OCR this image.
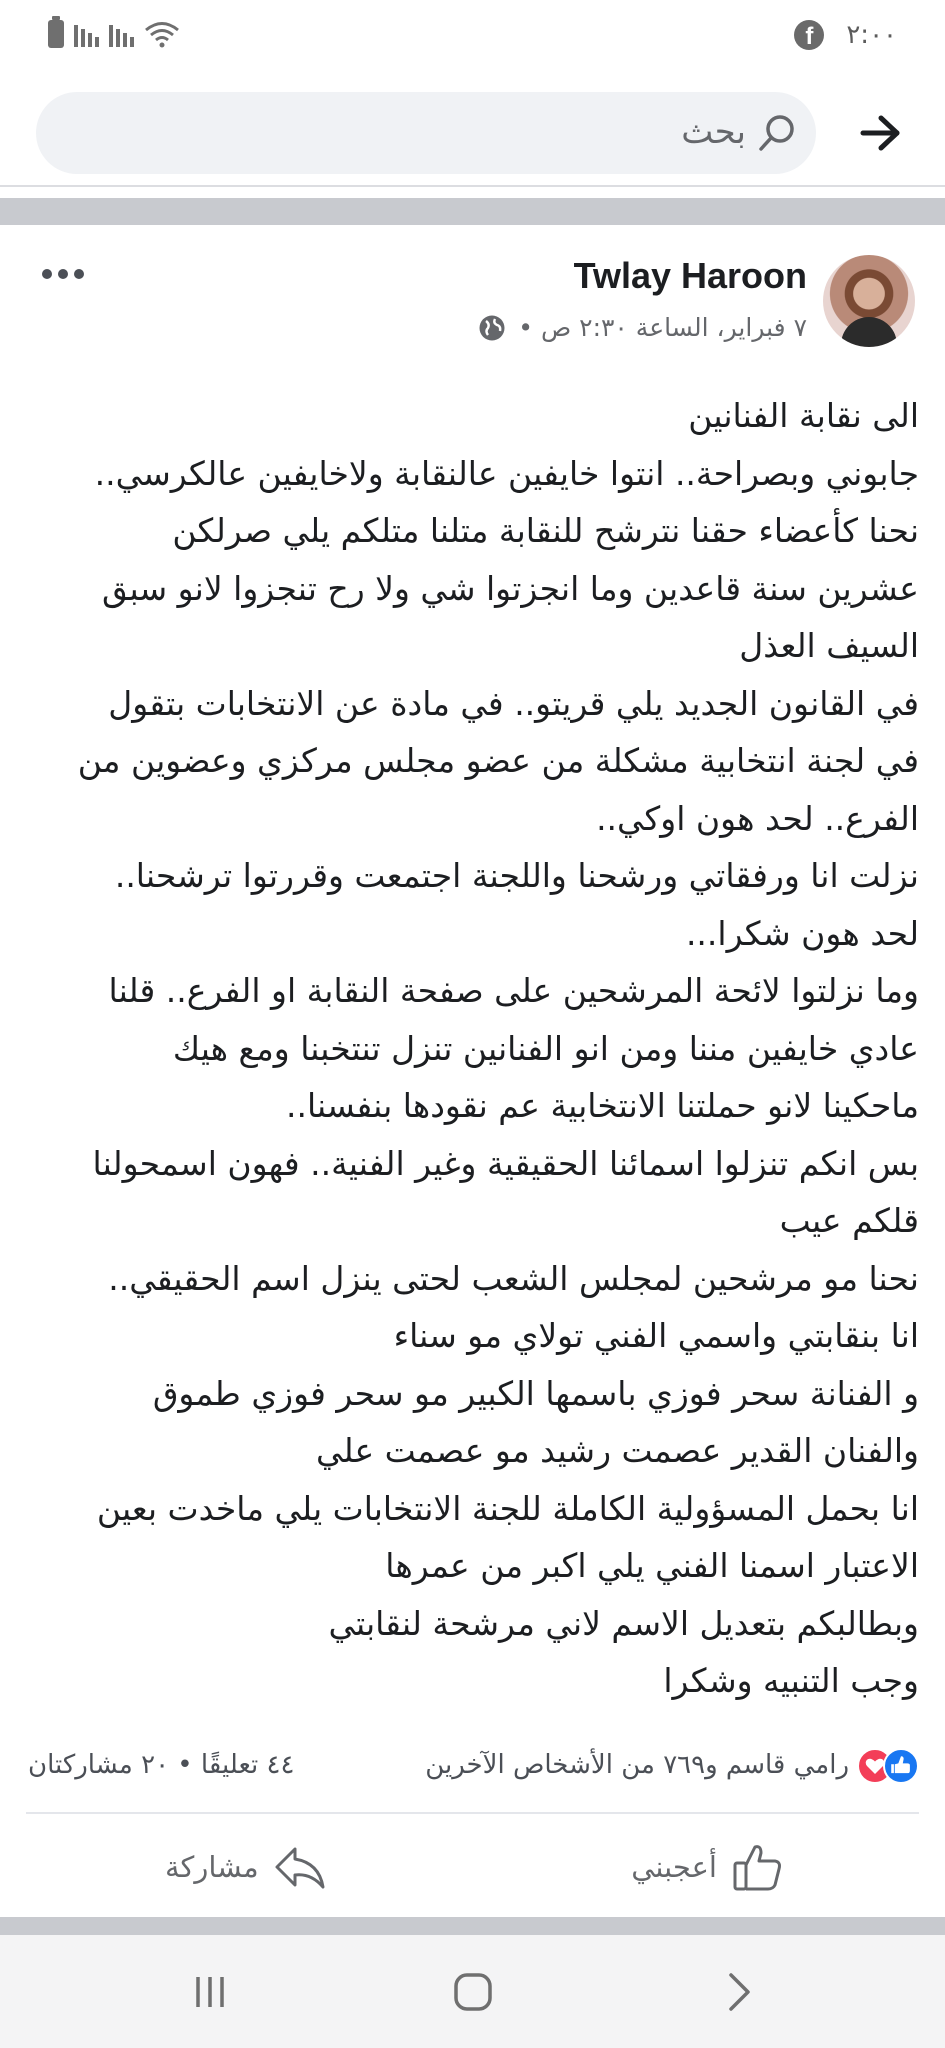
f	٢:٠٠
بحث
Twlay Haroon
٧ فبراير، الساعة ٢:٣٠ ص •

الى نقابة الفنانين

جابوني وبصراحة.. انتوا خايفين عالنقابة ولاخايفين عالكرسي..

نحنا كأعضاء حقنا نترشح للنقابة متلنا متلكم يلي صرلكن

عشرين سنة قاعدين وما انجزتوا شي ولا رح تنجزوا لانو سبق

السيف العذل

في القانون الجديد يلي قريتو.. في مادة عن الانتخابات بتقول

في لجنة انتخابية مشكلة من عضو مجلس مركزي وعضوين من

الفرع.. لحد هون اوكي..

نزلت انا ورفقاتي ورشحنا واللجنة اجتمعت وقررتوا ترشحنا..

لحد هون شكرا...

وما نزلتوا لائحة المرشحين على صفحة النقابة او الفرع.. قلنا

عادي خايفين مننا ومن انو الفنانين تنزل تنتخبنا ومع هيك

ماحكينا لانو حملتنا الانتخابية عم نقودها بنفسنا..

بس انكم تنزلوا اسمائنا الحقيقية وغير الفنية.. فهون اسمحولنا

قلكم عيب

نحنا مو مرشحين لمجلس الشعب لحتى ينزل اسم الحقيقي..

انا بنقابتي واسمي الفني تولاي مو سناء

و الفنانة سحر فوزي باسمها الكبير مو سحر فوزي طموق

والفنان القدير عصمت رشيد مو عصمت علي

انا بحمل المسؤولية الكاملة للجنة الانتخابات يلي ماخدت بعين

الاعتبار اسمنا الفني يلي اكبر من عمرها

وبطالبكم بتعديل الاسم لاني مرشحة لنقابتي

وجب التنبيه وشكرا

رامي قاسم و٧٦٩ من الأشخاص الآخرين
٤٤ تعليقًا • ٢٠ مشاركتان
أعجبني
مشاركة
